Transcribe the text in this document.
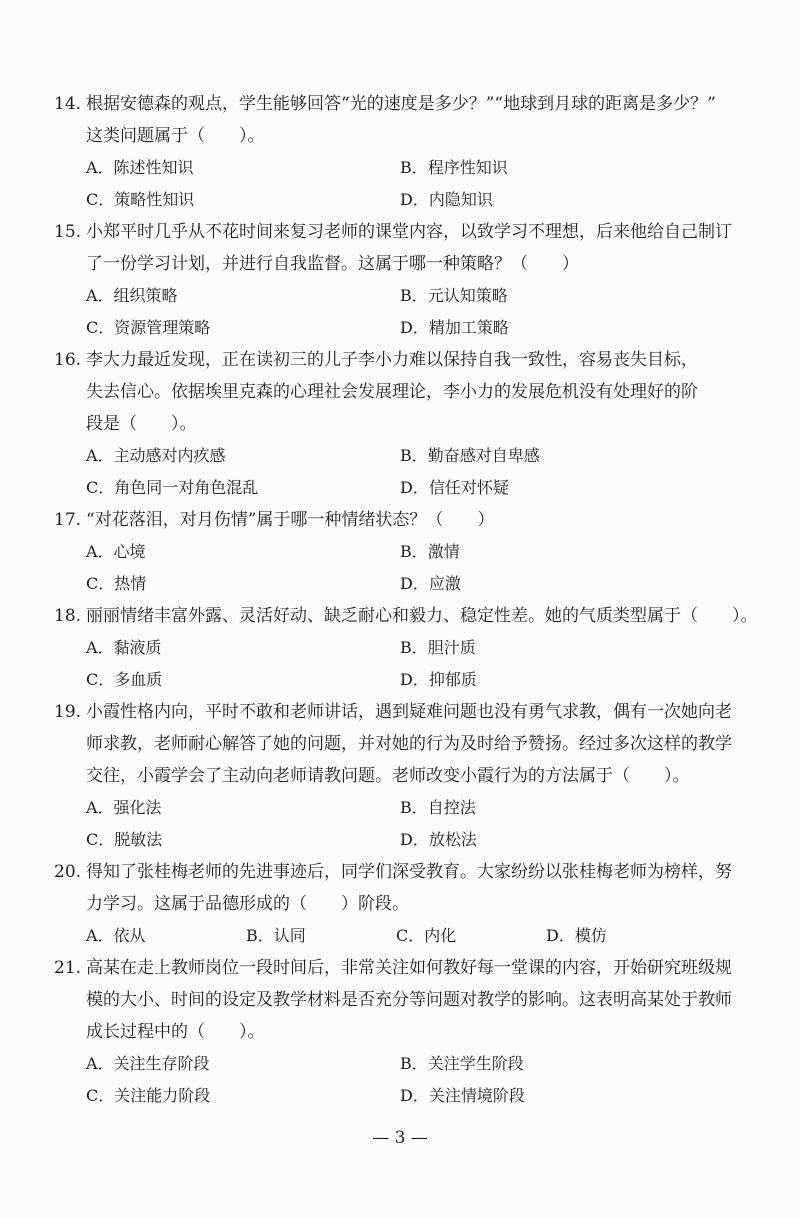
14. 根据安德森的观点，学生能够回答“光的速度是多少？”“地球到月球的距离是多少？”
这类问题属于（　　）。
A．陈述性知识	B．程序性知识
C．策略性知识	D．内隐知识
15. 小郑平时几乎从不花时间来复习老师的课堂内容，以致学习不理想，后来他给自己制订
了一份学习计划，并进行自我监督。这属于哪一种策略？（　　）
A．组织策略	B．元认知策略
C．资源管理策略	D．精加工策略
16. 李大力最近发现，正在读初三的儿子李小力难以保持自我一致性，容易丧失目标，
失去信心。依据埃里克森的心理社会发展理论，李小力的发展危机没有处理好的阶
段是（　　）。
A．主动感对内疚感	B．勤奋感对自卑感
C．角色同一对角色混乱	D．信任对怀疑
17. “对花落泪，对月伤情”属于哪一种情绪状态？（　　）
A．心境	B．激情
C．热情	D．应激
18. 丽丽情绪丰富外露、灵活好动、缺乏耐心和毅力、稳定性差。她的气质类型属于（　　）。
A．黏液质	B．胆汁质
C．多血质	D．抑郁质
19. 小霞性格内向，平时不敢和老师讲话，遇到疑难问题也没有勇气求教，偶有一次她向老
师求教，老师耐心解答了她的问题，并对她的行为及时给予赞扬。经过多次这样的教学
交往，小霞学会了主动向老师请教问题。老师改变小霞行为的方法属于（　　）。
A．强化法	B．自控法
C．脱敏法	D．放松法
20. 得知了张桂梅老师的先进事迹后，同学们深受教育。大家纷纷以张桂梅老师为榜样，努
力学习。这属于品德形成的（　　）阶段。
A．依从	B．认同	C．内化	D．模仿
21. 高某在走上教师岗位一段时间后，非常关注如何教好每一堂课的内容，开始研究班级规
模的大小、时间的设定及教学材料是否充分等问题对教学的影响。这表明高某处于教师
成长过程中的（　　）。
A．关注生存阶段	B．关注学生阶段
C．关注能力阶段	D．关注情境阶段
— 3 —
